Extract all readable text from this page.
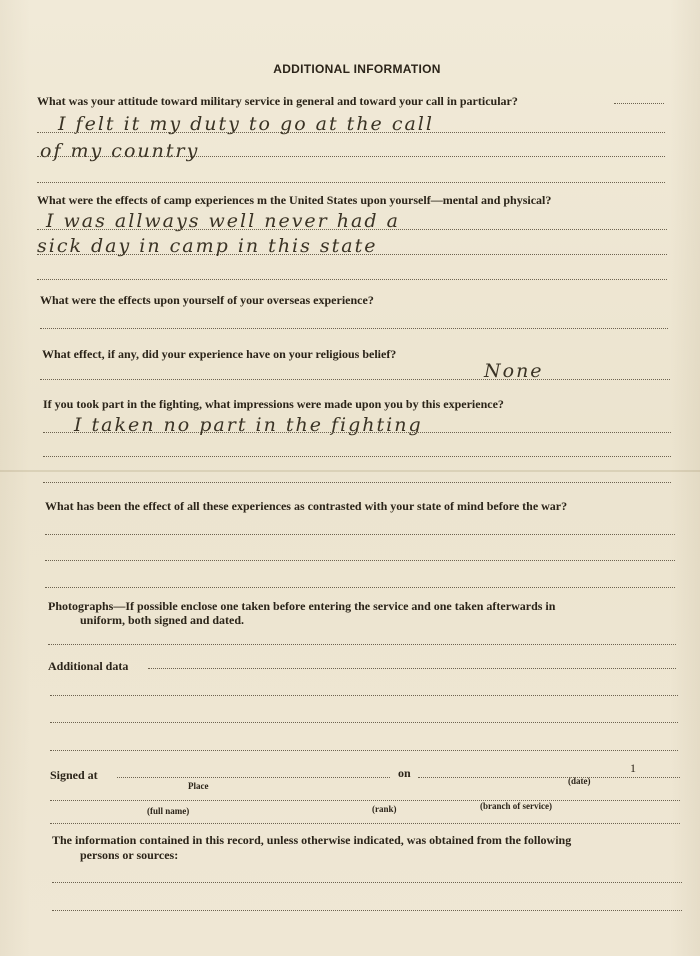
ADDITIONAL INFORMATION
What was your attitude toward military service in general and toward your call in particular?
I felt it my duty to go at the call
of my country
What were the effects of camp experiences m the United States upon yourself—mental and physical?
I was allways well never had a
sick day in camp in this state
What were the effects upon yourself of your overseas experience?
What effect, if any, did your experience have on your religious belief?
None
If you took part in the fighting, what impressions were made upon you by this experience?
I taken no part in the fighting
What has been the effect of all these experiences as contrasted with your state of mind before the war?
Photographs—If possible enclose one taken before entering the service and one taken afterwards in
uniform, both signed and dated.
Additional data
Signed at	on	1
Place	(date)
(full name)	(rank)	(branch of service)
The information contained in this record, unless otherwise indicated, was obtained from the following
persons or sources:
